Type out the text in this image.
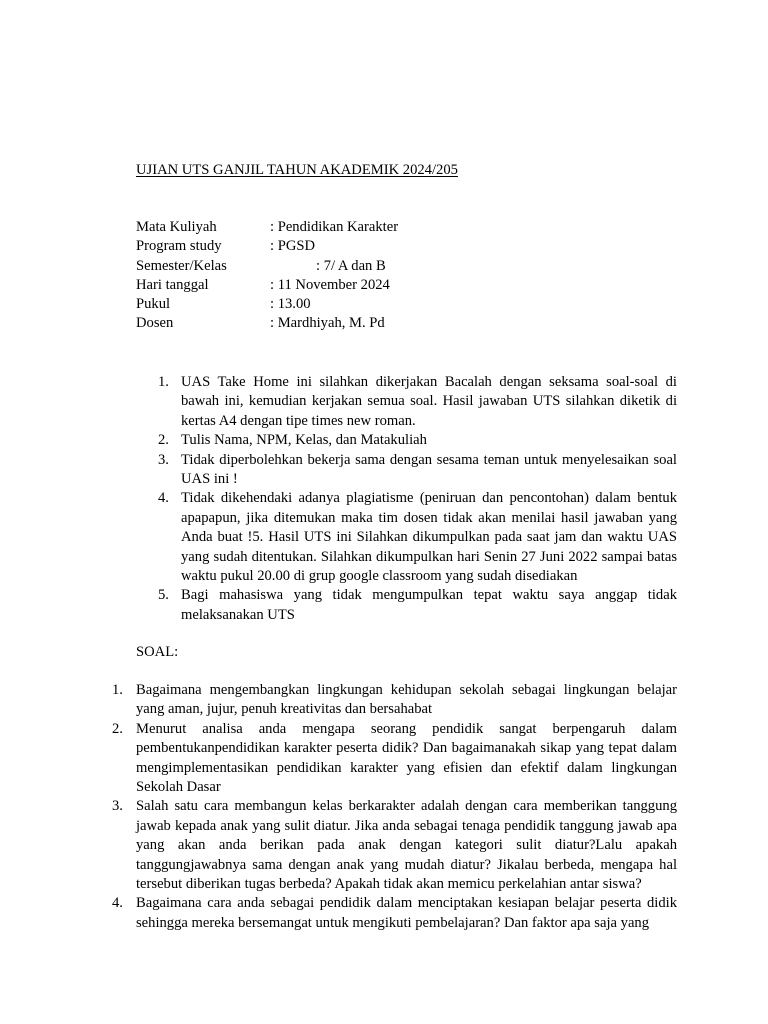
UJIAN UTS GANJIL TAHUN AKADEMIK 2024/205
Mata Kuliyah	: Pendidikan Karakter
Program study	: PGSD
Semester/Kelas	: 7/ A dan B
Hari tanggal	: 11 November 2024
Pukul	: 13.00
Dosen	: Mardhiyah, M. Pd
1. UAS Take Home ini silahkan dikerjakan Bacalah dengan seksama soal-soal di bawah ini, kemudian kerjakan semua soal. Hasil jawaban UTS silahkan diketik di kertas A4 dengan tipe times new roman.
2. Tulis Nama, NPM, Kelas, dan Matakuliah
3. Tidak diperbolehkan bekerja sama dengan sesama teman untuk menyelesaikan soal UAS ini !
4. Tidak dikehendaki adanya plagiatisme (peniruan dan pencontohan) dalam bentuk apapapun, jika ditemukan maka tim dosen tidak akan menilai hasil jawaban yang Anda buat !5. Hasil UTS ini Silahkan dikumpulkan pada saat jam dan waktu UAS yang sudah ditentukan. Silahkan dikumpulkan hari Senin 27 Juni 2022 sampai batas waktu pukul 20.00 di grup google classroom yang sudah disediakan
5. Bagi mahasiswa yang tidak mengumpulkan tepat waktu saya anggap tidak melaksanakan UTS
SOAL:
1. Bagaimana mengembangkan lingkungan kehidupan sekolah sebagai lingkungan belajar yang aman, jujur, penuh kreativitas dan bersahabat
2. Menurut analisa anda mengapa seorang pendidik sangat berpengaruh dalam pembentukanpendidikan karakter peserta didik? Dan bagaimanakah sikap yang tepat dalam mengimplementasikan pendidikan karakter yang efisien dan efektif dalam lingkungan Sekolah Dasar
3. Salah satu cara membangun kelas berkarakter adalah dengan cara memberikan tanggung jawab kepada anak yang sulit diatur. Jika anda sebagai tenaga pendidik tanggung jawab apa yang akan anda berikan pada anak dengan kategori sulit diatur?Lalu apakah tanggungjawabnya sama dengan anak yang mudah diatur? Jikalau berbeda, mengapa hal tersebut diberikan tugas berbeda? Apakah tidak akan memicu perkelahian antar siswa?
4. Bagaimana cara anda sebagai pendidik dalam menciptakan kesiapan belajar peserta didik sehingga mereka bersemangat untuk mengikuti pembelajaran? Dan faktor apa saja yang
